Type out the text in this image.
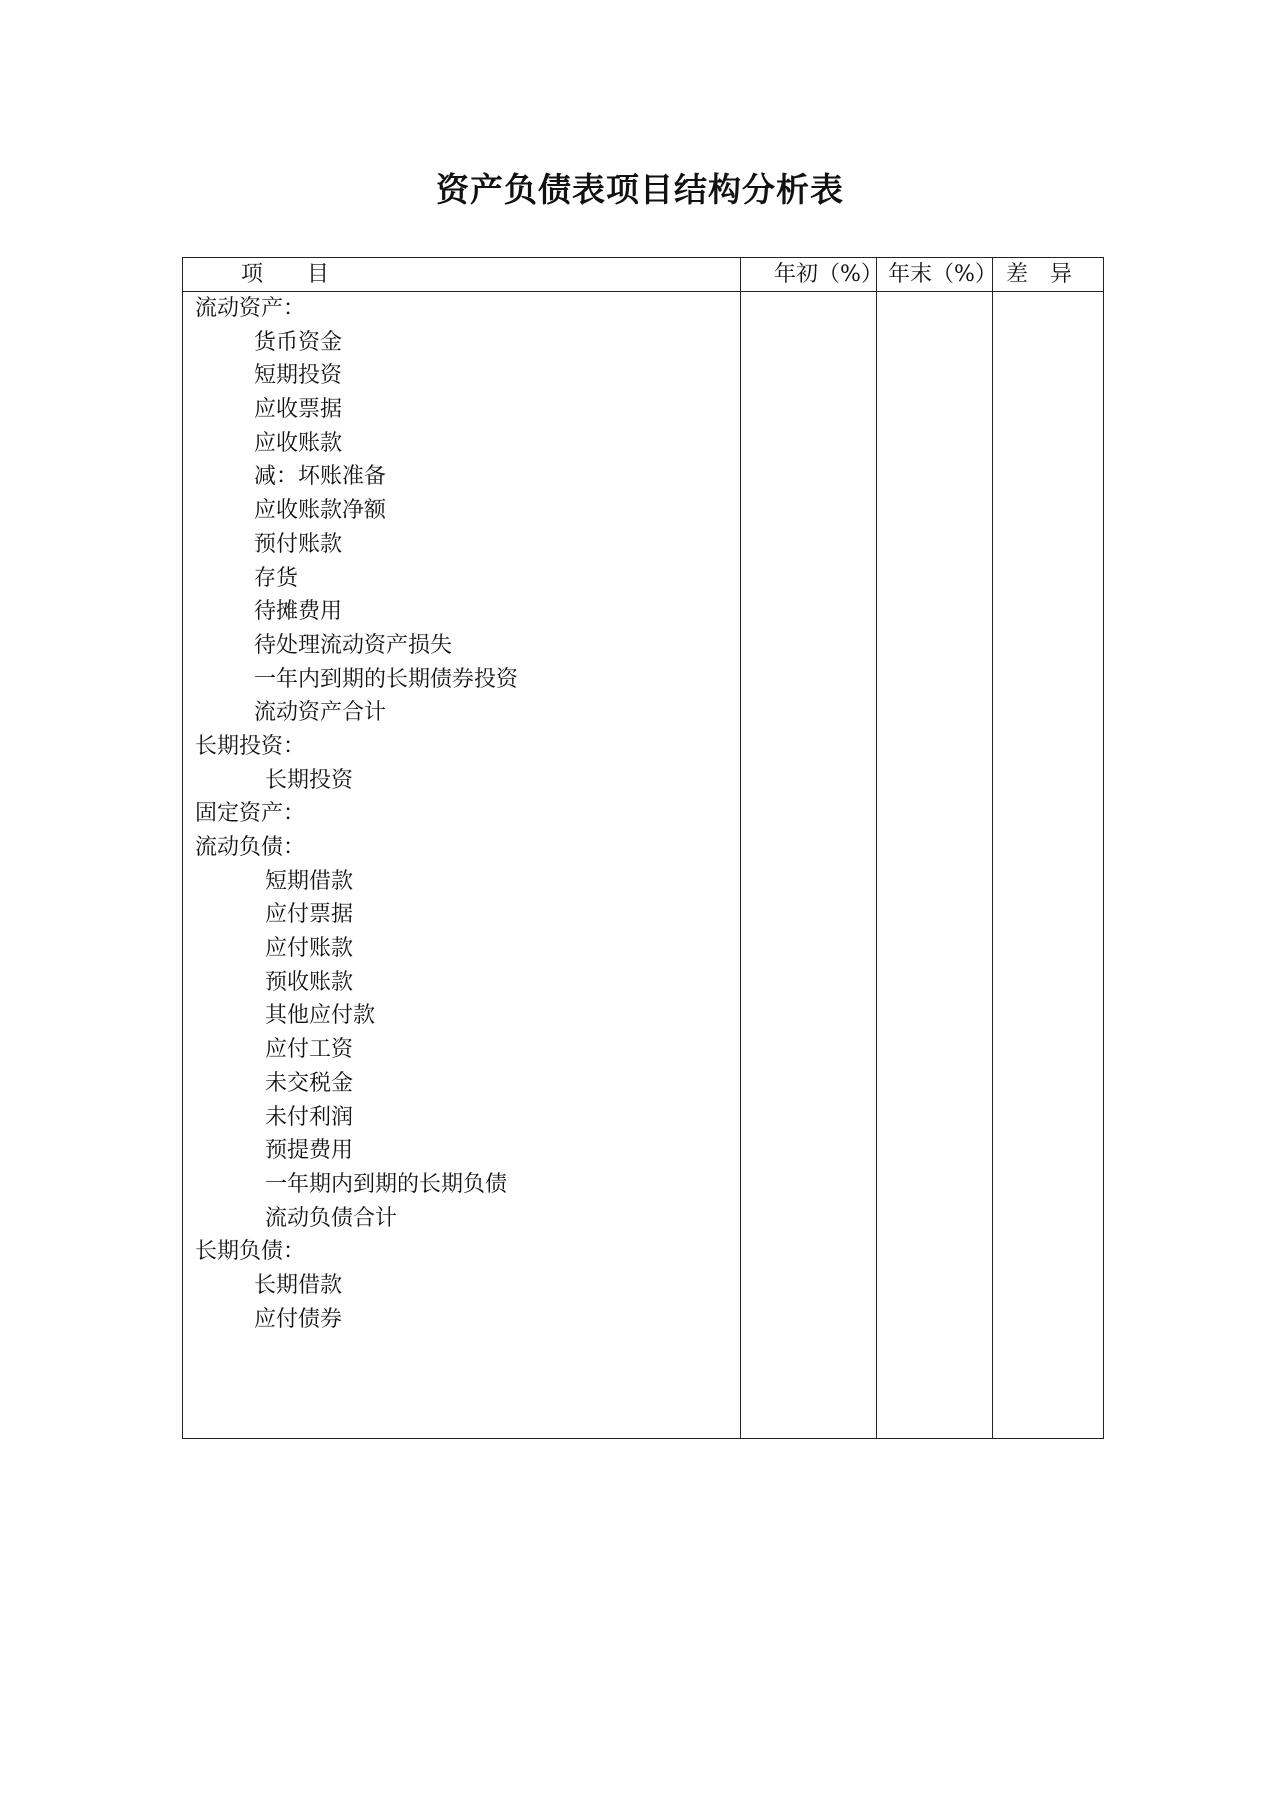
资产负债表项目结构分析表
项　　目	年初（%） 年末（%） 差　异
流动资产：
货币资金
短期投资
应收票据
应收账款
减：坏账准备
应收账款净额
预付账款
存货
待摊费用
待处理流动资产损失
一年内到期的长期债券投资
流动资产合计
长期投资：
长期投资
固定资产：
流动负债：
短期借款
应付票据
应付账款
预收账款
其他应付款
应付工资
未交税金
未付利润
预提费用
一年期内到期的长期负债
流动负债合计
长期负债：
长期借款
应付债券
